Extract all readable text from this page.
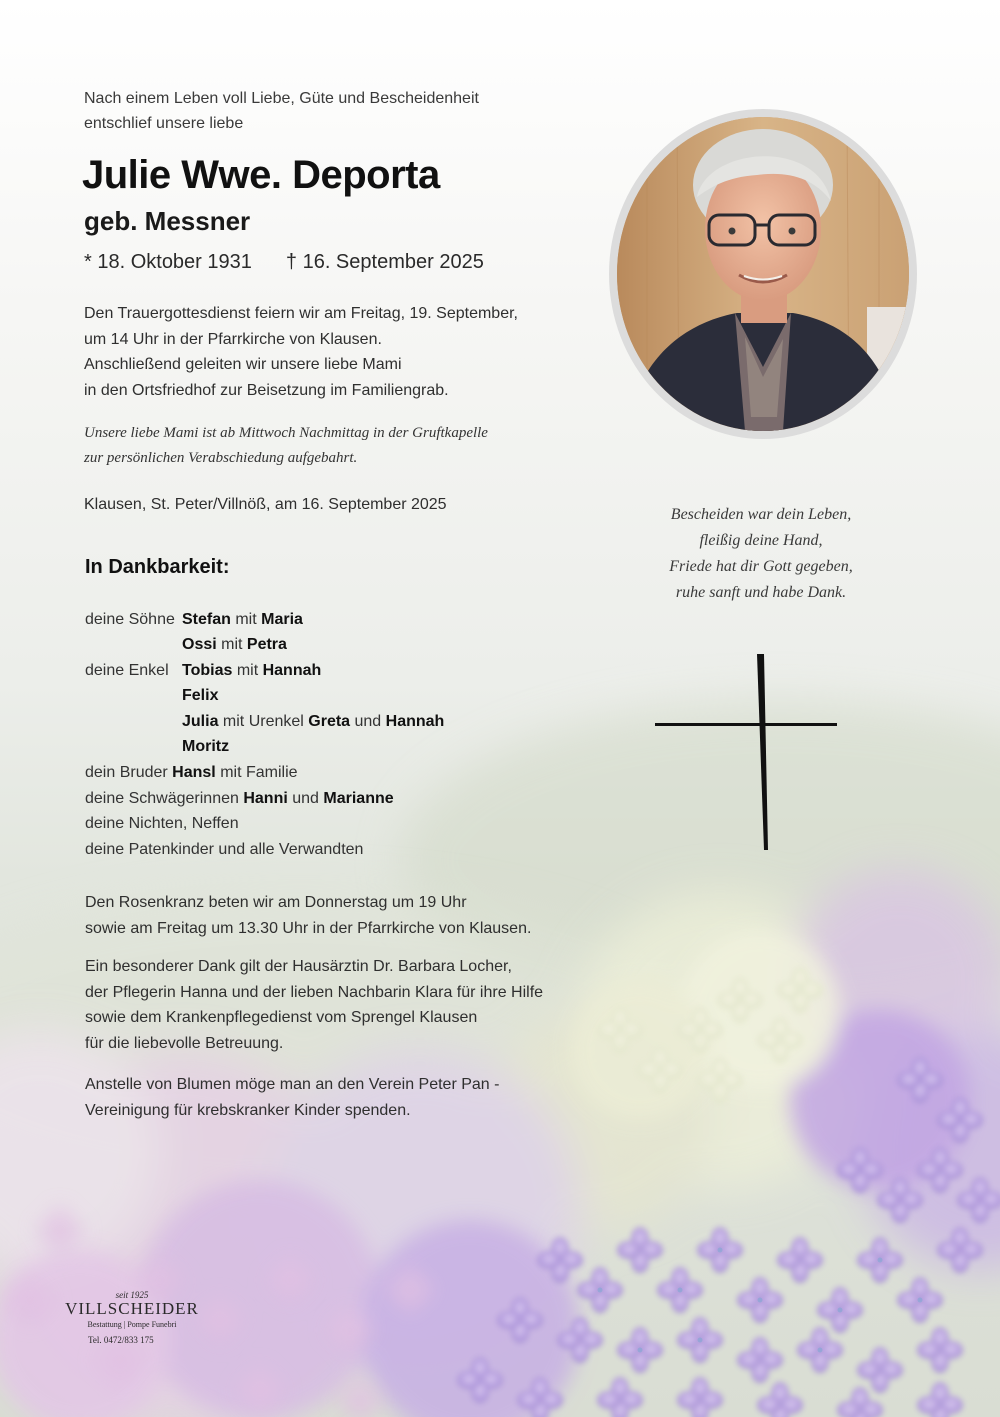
Nach einem Leben voll Liebe, Güte und Bescheidenheit
entschlief unsere liebe
Julie Wwe. Deporta
geb. Messner
* 18. Oktober 1931 † 16. September 2025
Den Trauergottesdienst feiern wir am Freitag, 19. September,
um 14 Uhr in der Pfarrkirche von Klausen.
Anschließend geleiten wir unsere liebe Mami
in den Ortsfriedhof zur Beisetzung im Familiengrab.
Unsere liebe Mami ist ab Mittwoch Nachmittag in der Gruftkapelle
zur persönlichen Verabschiedung aufgebahrt.
Klausen, St. Peter/Villnöß, am 16. September 2025
In Dankbarkeit:
deine Söhne Stefan mit Maria
Ossi mit Petra
deine Enkel Tobias mit Hannah
Felix
Julia mit Urenkel Greta und Hannah
Moritz
dein Bruder Hansl mit Familie
deine Schwägerinnen Hanni und Marianne
deine Nichten, Neffen
deine Patenkinder und alle Verwandten
Den Rosenkranz beten wir am Donnerstag um 19 Uhr
sowie am Freitag um 13.30 Uhr in der Pfarrkirche von Klausen.
Ein besonderer Dank gilt der Hausärztin Dr. Barbara Locher,
der Pflegerin Hanna und der lieben Nachbarin Klara für ihre Hilfe
sowie dem Krankenpflegedienst vom Sprengel Klausen
für die liebevolle Betreuung.
Anstelle von Blumen möge man an den Verein Peter Pan -
Vereinigung für krebskranker Kinder spenden.
Bescheiden war dein Leben,
fleißig deine Hand,
Friede hat dir Gott gegeben,
ruhe sanft und habe Dank.
seit 1925
VILLSCHEIDER
Bestattung | Pompe Funebri
Tel. 0472/833 175
